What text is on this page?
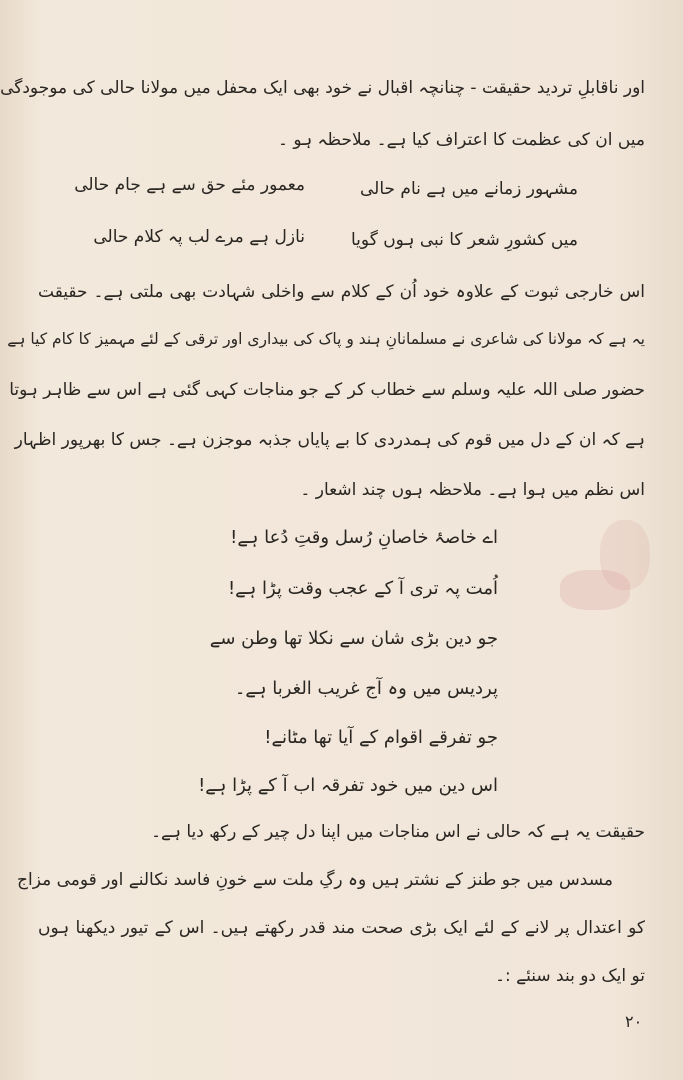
اور ناقابلِ تردید حقیقت - چنانچہ اقبال نے خود بھی ایک محفل میں مولانا حالی کی موجودگی
میں ان کی عظمت کا اعتراف کیا ہے۔ ملاحظہ ہو ۔
مشہور زمانے میں ہے نام حالی
معمور مئے حق سے ہے جام حالی
میں کشورِ شعر کا نبی ہوں گویا
نازل ہے مرے لب پہ کلام حالی
اس خارجی ثبوت کے علاوہ خود اُن کے کلام سے واخلی شہادت بھی ملتی ہے۔ حقیقت
یہ ہے کہ مولانا کی شاعری نے مسلمانانِ ہند و پاک کی بیداری اور ترقی کے لئے مہمیز کا کام کیا ہے
حضور صلی اللہ علیہ وسلم سے خطاب کر کے جو مناجات کہی گئی ہے اس سے ظاہر ہوتا
ہے کہ ان کے دل میں قوم کی ہمدردی کا بے پایاں جذبہ موجزن ہے۔ جس کا بھرپور اظہار
اس نظم میں ہوا ہے۔ ملاحظہ ہوں چند اشعار ۔
اے خاصۂ خاصانِ رُسل وقتِ دُعا ہے!
اُمت پہ تری آ کے عجب وقت پڑا ہے!
جو دین بڑی شان سے نکلا تھا وطن سے
پردیس میں وہ آج غریب الغربا ہے۔
جو تفرقے اقوام کے آیا تھا مٹانے!
اس دین میں خود تفرقہ اب آ کے پڑا ہے!
حقیقت یہ ہے کہ حالی نے اس مناجات میں اپنا دل چیر کے رکھ دیا ہے۔
مسدس میں جو طنز کے نشتر ہیں وہ رگِ ملت سے خونِ فاسد نکالنے اور قومی مزاج
کو اعتدال پر لانے کے لئے ایک بڑی صحت مند قدر رکھتے ہیں۔ اس کے تیور دیکھنا ہوں
تو ایک دو بند سنئے :۔
۲۰
